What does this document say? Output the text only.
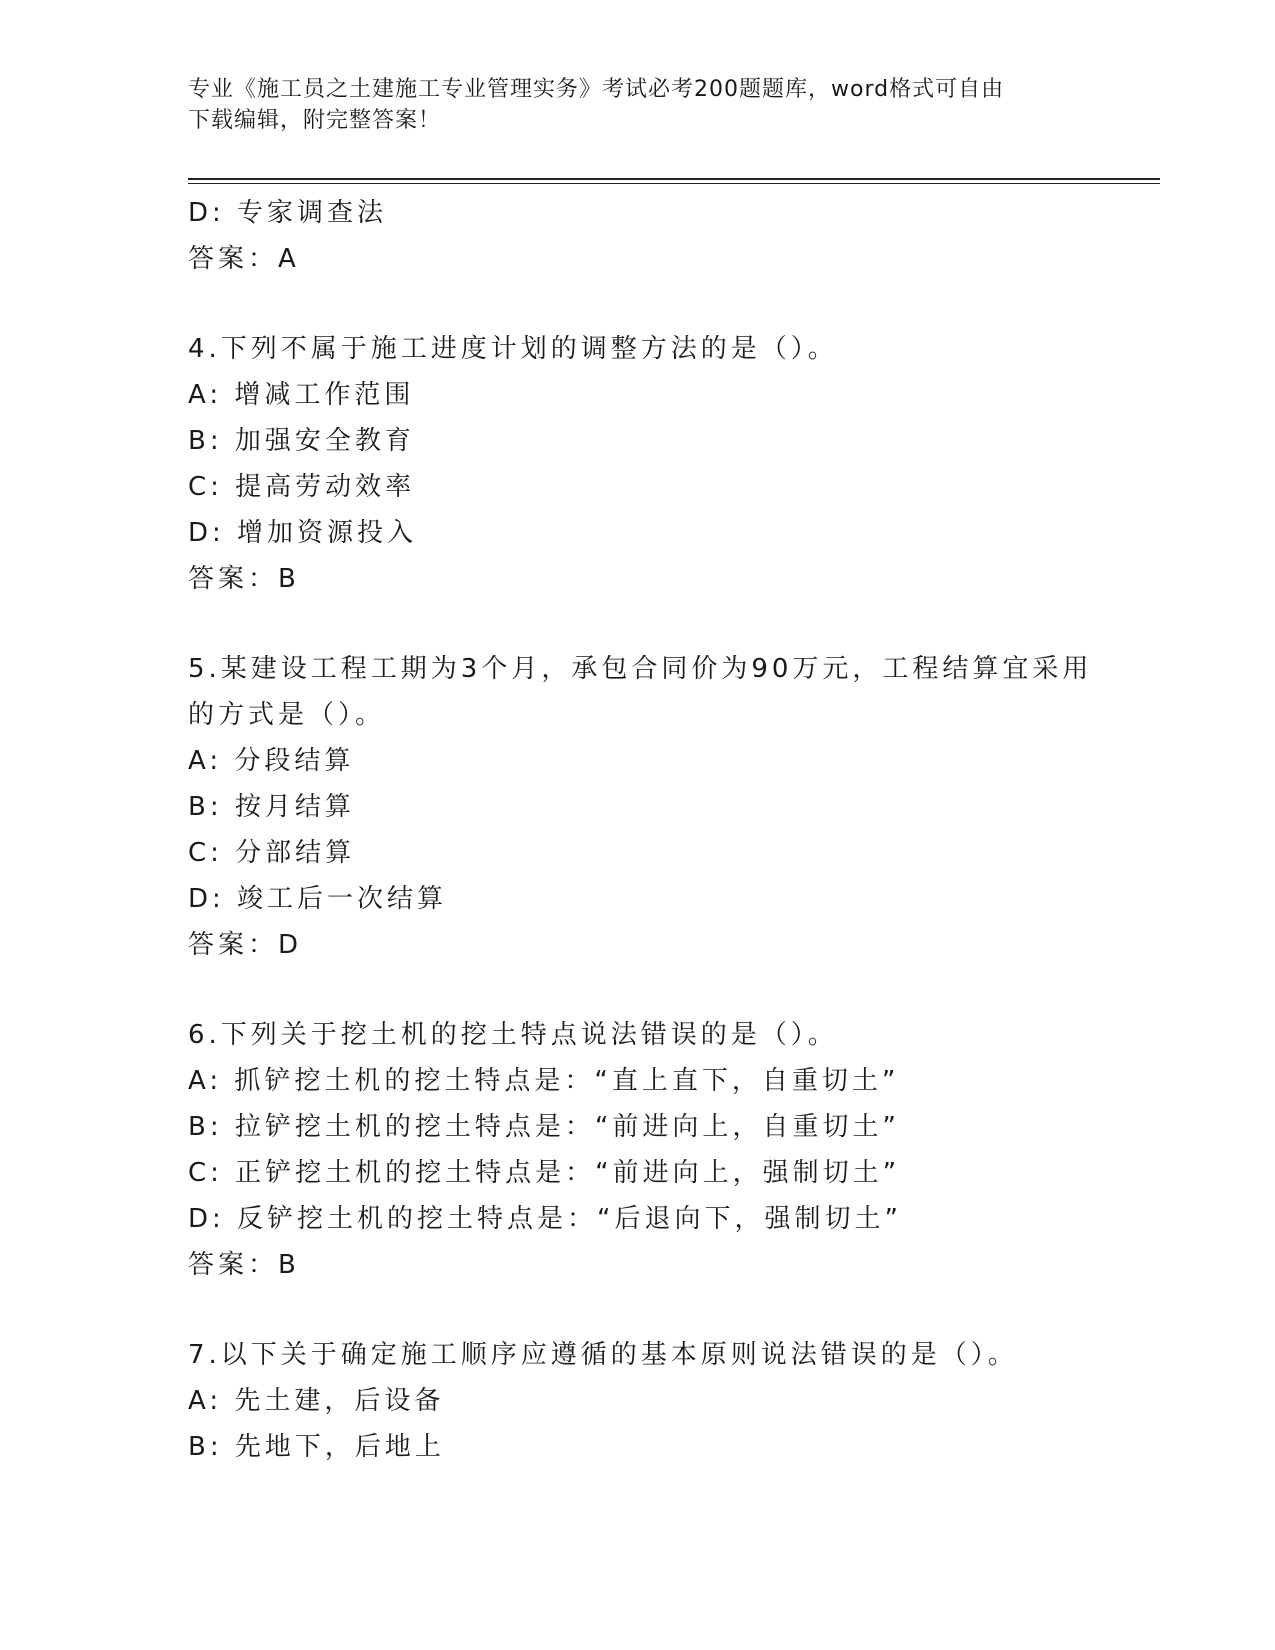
专业《施工员之土建施工专业管理实务》考试必考200题题库，word格式可自由
下载编辑，附完整答案！
D: 专家调查法
答案：A
4.下列不属于施工进度计划的调整方法的是（）。
A: 增减工作范围
B: 加强安全教育
C: 提高劳动效率
D: 增加资源投入
答案：B
5.某建设工程工期为3个月，承包合同价为90万元，工程结算宜采用
的方式是（）。
A: 分段结算
B: 按月结算
C: 分部结算
D: 竣工后一次结算
答案：D
6.下列关于挖土机的挖土特点说法错误的是（）。
A: 抓铲挖土机的挖土特点是：“直上直下，自重切土”
B: 拉铲挖土机的挖土特点是：“前进向上，自重切土”
C: 正铲挖土机的挖土特点是：“前进向上，强制切土”
D: 反铲挖土机的挖土特点是：“后退向下，强制切土”
答案：B
7.以下关于确定施工顺序应遵循的基本原则说法错误的是（）。
A: 先土建，后设备
B: 先地下，后地上
